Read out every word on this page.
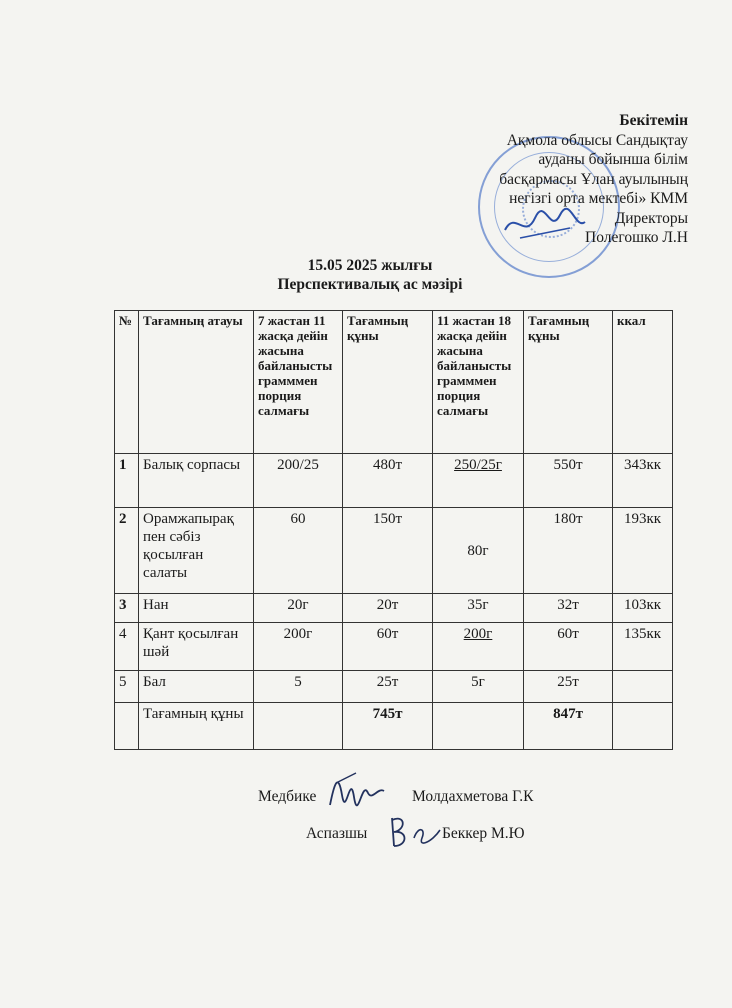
Бекітемін
Ақмола облысы Сандықтау
ауданы бойынша білім
басқармасы Ұлан ауылының
негізгі орта мектебі» КММ
Директоры
Полегошко Л.Н
15.05 2025 жылғы
Перспективалық ас мәзірі
№	Тағамның атауы	7 жастан 11 жасқа дейін жасына байланысты грамммен порция салмағы	Тағамның құны	11 жастан 18 жасқа дейін жасына байланысты грамммен порция салмағы	Тағамның құны	ккал
1	Балық сорпасы	200/25	480т	250/25г	550т	343кк
2	Орамжапырақ пен сәбіз қосылған салаты	60	150т	80г	180т	193кк
3	Нан	20г	20т	35г	32т	103кк
4	Қант қосылған шәй	200г	60т	200г	60т	135кк
5	Бал	5	25т	5г	25т	
	Тағамның құны		745т		847т	
Медбике	Молдахметова Г.К
Аспазшы	Беккер М.Ю
